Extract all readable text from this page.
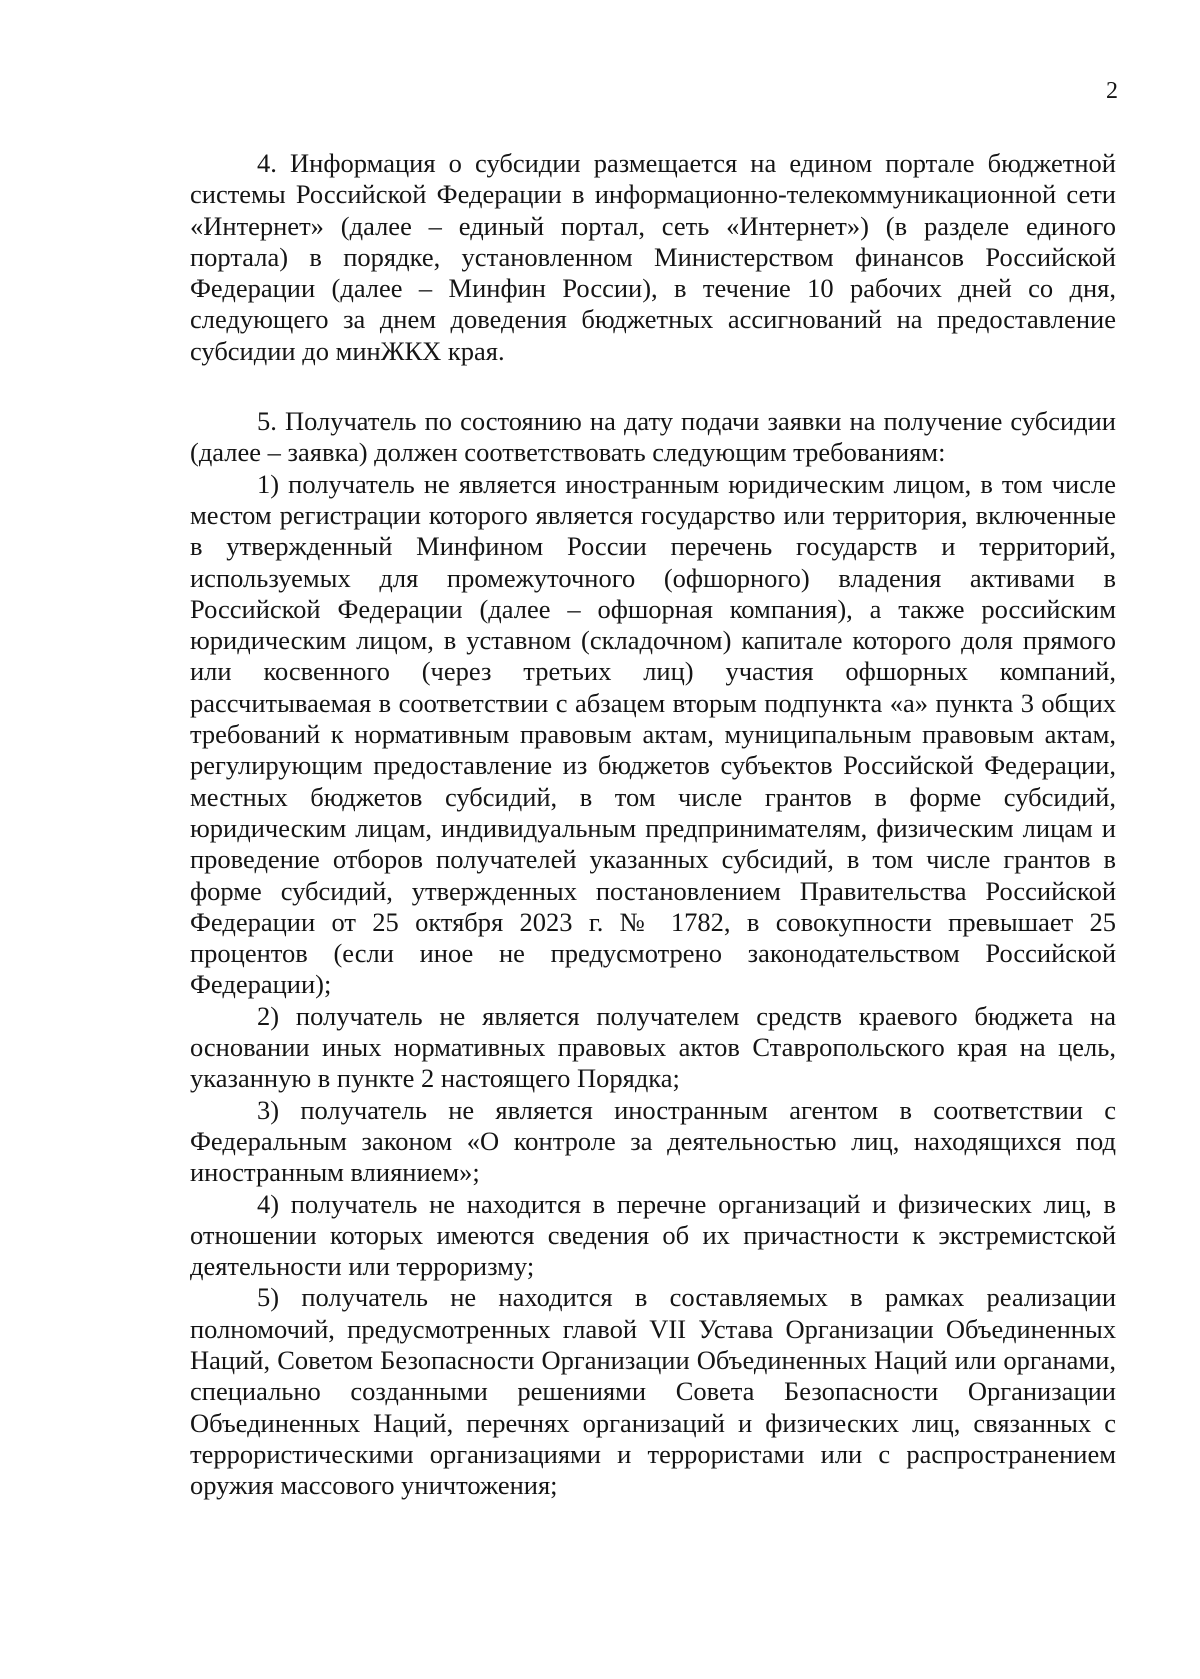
2

4. Информация о субсидии размещается на едином портале бюджетной системы Российской Федерации в информационно-телекоммуникационной сети «Интернет» (далее – единый портал, сеть «Интернет») (в разделе единого портала) в порядке, установленном Министерством финансов Российской Федерации (далее – Минфин России), в течение 10 рабочих дней со дня, следующего за днем доведения бюджетных ассигнований на предоставление субсидии до минЖКХ края.

5. Получатель по состоянию на дату подачи заявки на получение субсидии (далее – заявка) должен соответствовать следующим требованиям:

1) получатель не является иностранным юридическим лицом, в том числе местом регистрации которого является государство или территория, включенные в утвержденный Минфином России перечень государств и территорий, используемых для промежуточного (офшорного) владения активами в Российской Федерации (далее – офшорная компания), а также российским юридическим лицом, в уставном (складочном) капитале которого доля прямого или косвенного (через третьих лиц) участия офшорных компаний, рассчитываемая в соответствии с абзацем вторым подпункта «а» пункта 3 общих требований к нормативным правовым актам, муниципальным правовым актам, регулирующим предоставление из бюджетов субъектов Российской Федерации, местных бюджетов субсидий, в том числе грантов в форме субсидий, юридическим лицам, индивидуальным предпринимателям, физическим лицам и проведение отборов получателей указанных субсидий, в том числе грантов в форме субсидий, утвержденных постановлением Правительства Российской Федерации от 25 октября 2023 г. № 1782, в совокупности превышает 25 процентов (если иное не предусмотрено законодательством Российской Федерации);

2) получатель не является получателем средств краевого бюджета на основании иных нормативных правовых актов Ставропольского края на цель, указанную в пункте 2 настоящего Порядка;

3) получатель не является иностранным агентом в соответствии с Федеральным законом «О контроле за деятельностью лиц, находящихся под иностранным влиянием»;

4) получатель не находится в перечне организаций и физических лиц, в отношении которых имеются сведения об их причастности к экстремистской деятельности или терроризму;

5) получатель не находится в составляемых в рамках реализации полномочий, предусмотренных главой VII Устава Организации Объединенных Наций, Советом Безопасности Организации Объединенных Наций или органами, специально созданными решениями Совета Безопасности Организации Объединенных Наций, перечнях организаций и физических лиц, связанных с террористическими организациями и террористами или с распространением оружия массового уничтожения;
